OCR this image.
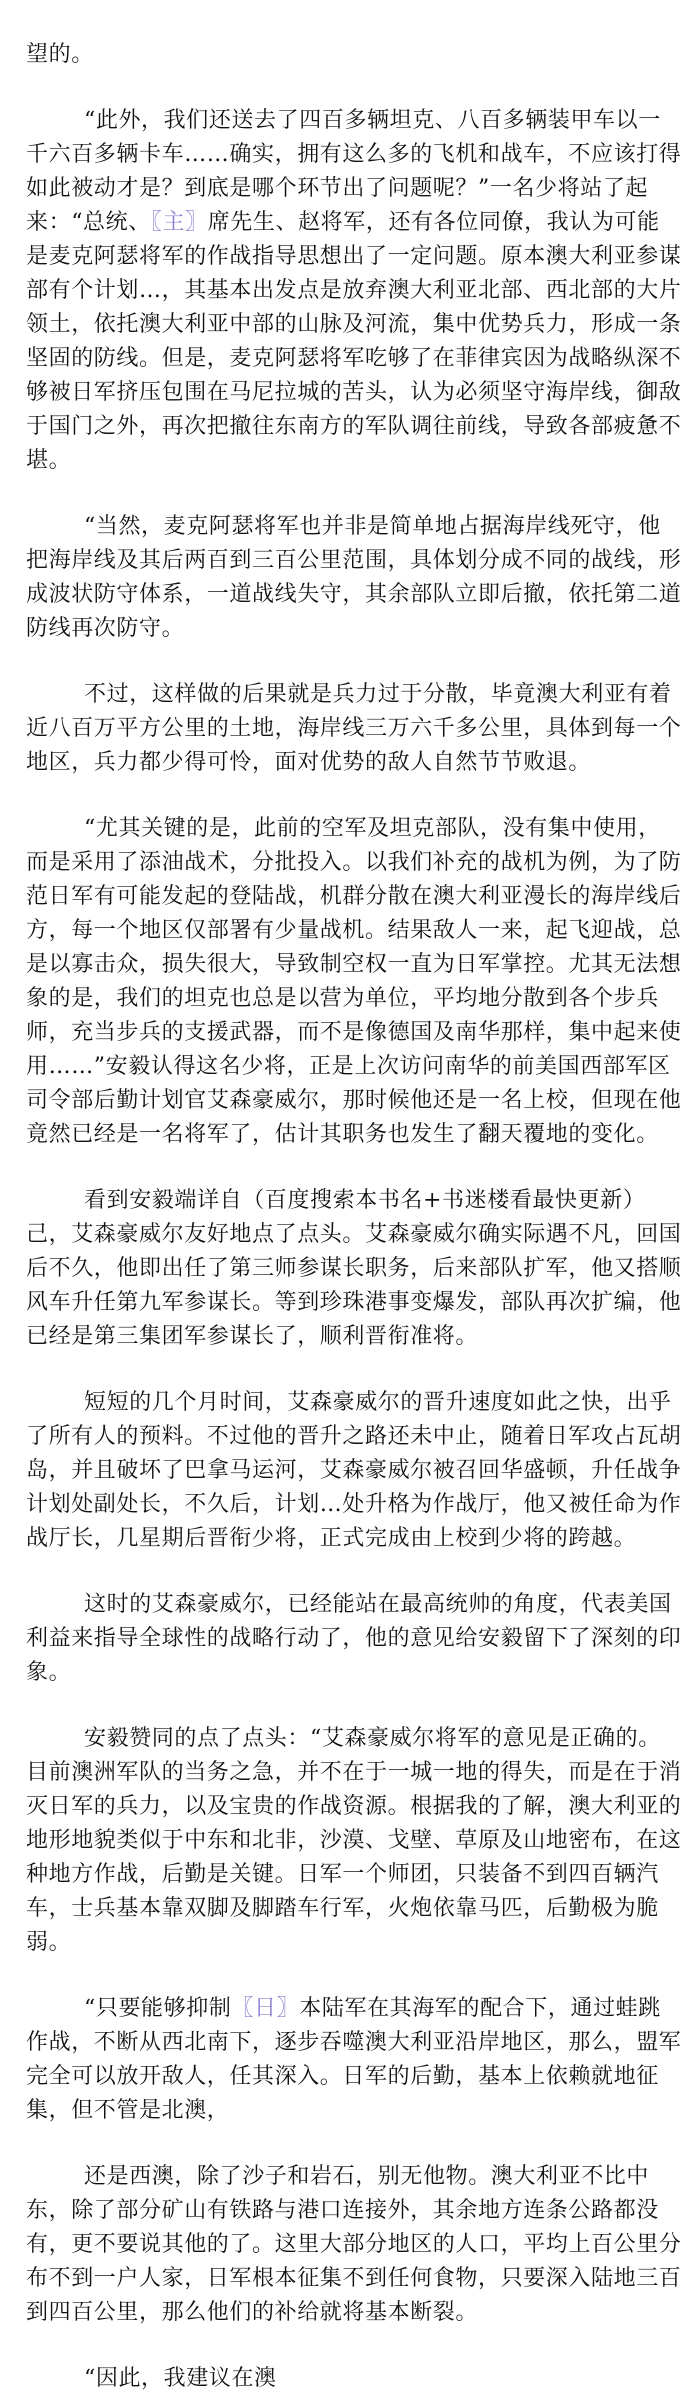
望的。

“此外，我们还送去了四百多辆坦克、八百多辆装甲车以一千六百多辆卡车……确实，拥有这么多的飞机和战车，不应该打得如此被动才是？到底是哪个环节出了问题呢？”一名少将站了起来：“总统、〖主〗席先生、赵将军，还有各位同僚，我认为可能是麦克阿瑟将军的作战指导思想出了一定问题。原本澳大利亚参谋部有个计划…，其基本出发点是放弃澳大利亚北部、西北部的大片领土，依托澳大利亚中部的山脉及河流，集中优势兵力，形成一条坚固的防线。但是，麦克阿瑟将军吃够了在菲律宾因为战略纵深不够被日军挤压包围在马尼拉城的苦头，认为必须坚守海岸线，御敌于国门之外，再次把撤往东南方的军队调往前线，导致各部疲惫不堪。

“当然，麦克阿瑟将军也并非是简单地占据海岸线死守，他把海岸线及其后两百到三百公里范围，具体划分成不同的战线，形成波状防守体系，一道战线失守，其余部队立即后撤，依托第二道防线再次防守。

不过，这样做的后果就是兵力过于分散，毕竟澳大利亚有着近八百万平方公里的土地，海岸线三万六千多公里，具体到每一个地区，兵力都少得可怜，面对优势的敌人自然节节败退。

“尤其关键的是，此前的空军及坦克部队，没有集中使用，而是采用了添油战术，分批投入。以我们补充的战机为例，为了防范日军有可能发起的登陆战，机群分散在澳大利亚漫长的海岸线后方，每一个地区仅部署有少量战机。结果敌人一来，起飞迎战，总是以寡击众，损失很大，导致制空权一直为日军掌控。尤其无法想象的是，我们的坦克也总是以营为单位，平均地分散到各个步兵师，充当步兵的支援武器，而不是像德国及南华那样，集中起来使用……”安毅认得这名少将，正是上次访问南华的前美国西部军区司令部后勤计划官艾森豪威尔，那时候他还是一名上校，但现在他竟然已经是一名将军了，估计其职务也发生了翻天覆地的变化。

看到安毅端详自（百度搜索本书名+书迷楼看最快更新）己，艾森豪威尔友好地点了点头。艾森豪威尔确实际遇不凡，回国后不久，他即出任了第三师参谋长职务，后来部队扩军，他又搭顺风车升任第九军参谋长。等到珍珠港事变爆发，部队再次扩编，他已经是第三集团军参谋长了，顺利晋衔准将。

短短的几个月时间，艾森豪威尔的晋升速度如此之快，出乎了所有人的预料。不过他的晋升之路还未中止，随着日军攻占瓦胡岛，并且破坏了巴拿马运河，艾森豪威尔被召回华盛顿，升任战争计划处副处长，不久后，计划…处升格为作战厅，他又被任命为作战厅长，几星期后晋衔少将，正式完成由上校到少将的跨越。

这时的艾森豪威尔，已经能站在最高统帅的角度，代表美国利益来指导全球性的战略行动了，他的意见给安毅留下了深刻的印象。

安毅赞同的点了点头：“艾森豪威尔将军的意见是正确的。目前澳洲军队的当务之急，并不在于一城一地的得失，而是在于消灭日军的兵力，以及宝贵的作战资源。根据我的了解，澳大利亚的地形地貌类似于中东和北非，沙漠、戈壁、草原及山地密布，在这种地方作战，后勤是关键。日军一个师团，只装备不到四百辆汽车，士兵基本靠双脚及脚踏车行军，火炮依靠马匹，后勤极为脆弱。

“只要能够抑制〖日〗本陆军在其海军的配合下，通过蛙跳作战，不断从西北南下，逐步吞噬澳大利亚沿岸地区，那么，盟军完全可以放开敌人，任其深入。日军的后勤，基本上依赖就地征集，但不管是北澳，

还是西澳，除了沙子和岩石，别无他物。澳大利亚不比中东，除了部分矿山有铁路与港口连接外，其余地方连条公路都没有，更不要说其他的了。这里大部分地区的人口，平均上百公里分布不到一户人家，日军根本征集不到任何食物，只要深入陆地三百到四百公里，那么他们的补给就将基本断裂。

“因此，我建议在澳
